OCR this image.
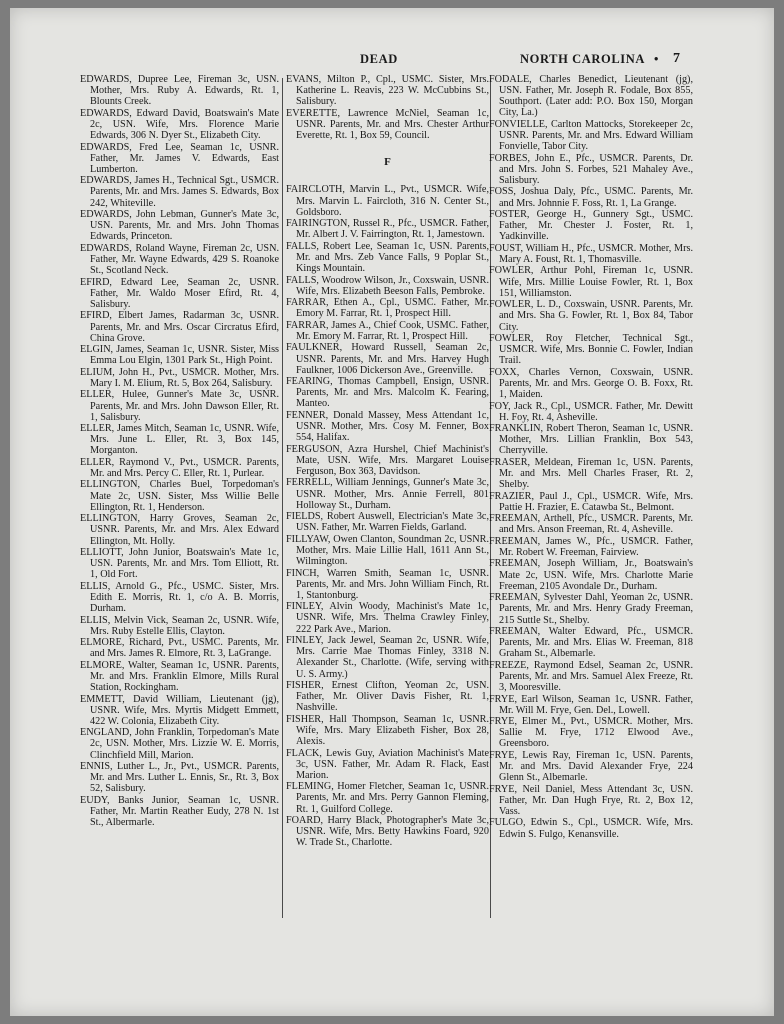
DEAD	NORTH CAROLINA • 7
EDWARDS, Dupree Lee, Fireman 3c, USN. Mother, Mrs. Ruby A. Edwards, Rt. 1, Blounts Creek.
EDWARDS, Edward David, Boatswain's Mate 2c, USN. Wife, Mrs. Florence Marie Edwards, 306 N. Dyer St., Elizabeth City.
EDWARDS, Fred Lee, Seaman 1c, USNR. Father, Mr. James V. Edwards, East Lumberton.
EDWARDS, James H., Technical Sgt., USMCR. Parents, Mr. and Mrs. James S. Edwards, Box 242, Whiteville.
EDWARDS, John Lebman, Gunner's Mate 3c, USN. Parents, Mr. and Mrs. John Thomas Edwards, Princeton.
EDWARDS, Roland Wayne, Fireman 2c, USN. Father, Mr. Wayne Edwards, 429 S. Roanoke St., Scotland Neck.
EFIRD, Edward Lee, Seaman 2c, USNR. Father, Mr. Waldo Moser Efird, Rt. 4, Salisbury.
EFIRD, Elbert James, Radarman 3c, USNR. Parents, Mr. and Mrs. Oscar Circratus Efird, China Grove.
ELGIN, James, Seaman 1c, USNR. Sister, Miss Emma Lou Elgin, 1301 Park St., High Point.
ELIUM, John H., Pvt., USMCR. Mother, Mrs. Mary I. M. Elium, Rt. 5, Box 264, Salisbury.
ELLER, Hulee, Gunner's Mate 3c, USNR. Parents, Mr. and Mrs. John Dawson Eller, Rt. 1, Salisbury.
ELLER, James Mitch, Seaman 1c, USNR. Wife, Mrs. June L. Eller, Rt. 3, Box 145, Morganton.
ELLER, Raymond V., Pvt., USMCR. Parents, Mr. and Mrs. Percy C. Eller, Rt. 1, Purlear.
ELLINGTON, Charles Buel, Torpedoman's Mate 2c, USN. Sister, Mss Willie Belle Ellington, Rt. 1, Henderson.
ELLINGTON, Harry Groves, Seaman 2c, USNR. Parents, Mr. and Mrs. Alex Edward Ellington, Mt. Holly.
ELLIOTT, John Junior, Boatswain's Mate 1c, USN. Parents, Mr. and Mrs. Tom Elliott, Rt. 1, Old Fort.
ELLIS, Arnold G., Pfc., USMC. Sister, Mrs. Edith E. Morris, Rt. 1, c/o A. B. Morris, Durham.
ELLIS, Melvin Vick, Seaman 2c, USNR. Wife, Mrs. Ruby Estelle Ellis, Clayton.
ELMORE, Richard, Pvt., USMC. Parents, Mr. and Mrs. James R. Elmore, Rt. 3, LaGrange.
ELMORE, Walter, Seaman 1c, USNR. Parents, Mr. and Mrs. Franklin Elmore, Mills Rural Station, Rockingham.
EMMETT, David William, Lieutenant (jg), USNR. Wife, Mrs. Myrtis Midgett Emmett, 422 W. Colonia, Elizabeth City.
ENGLAND, John Franklin, Torpedoman's Mate 2c, USN. Mother, Mrs. Lizzie W. E. Morris, Clinchfield Mill, Marion.
ENNIS, Luther L., Jr., Pvt., USMCR. Parents, Mr. and Mrs. Luther L. Ennis, Sr., Rt. 3, Box 52, Salisbury.
EUDY, Banks Junior, Seaman 1c, USNR. Father, Mr. Martin Reather Eudy, 278 N. 1st St., Albermarle.
EVANS, Milton P., Cpl., USMC. Sister, Mrs. Katherine L. Reavis, 223 W. McCubbins St., Salisbury.
EVERETTE, Lawrence McNiel, Seaman 1c, USNR. Parents, Mr. and Mrs. Chester Arthur Everette, Rt. 1, Box 59, Council.
F
FAIRCLOTH, Marvin L., Pvt., USMCR. Wife, Mrs. Marvin L. Faircloth, 316 N. Center St., Goldsboro.
FAIRINGTON, Russel R., Pfc., USMCR. Father, Mr. Albert J. V. Fairrington, Rt. 1, Jamestown.
FALLS, Robert Lee, Seaman 1c, USN. Parents, Mr. and Mrs. Zeb Vance Falls, 9 Poplar St., Kings Mountain.
FALLS, Woodrow Wilson, Jr., Coxswain, USNR. Wife, Mrs. Elizabeth Beeson Falls, Pembroke.
FARRAR, Ethen A., Cpl., USMC. Father, Mr. Emory M. Farrar, Rt. 1, Prospect Hill.
FARRAR, James A., Chief Cook, USMC. Father, Mr. Emory M. Farrar, Rt. 1, Prospect Hill.
FAULKNER, Howard Russell, Seaman 2c, USNR. Parents, Mr. and Mrs. Harvey Hugh Faulkner, 1006 Dickerson Ave., Greenville.
FEARING, Thomas Campbell, Ensign, USNR. Parents, Mr. and Mrs. Malcolm K. Fearing, Manteo.
FENNER, Donald Massey, Mess Attendant 1c, USNR. Mother, Mrs. Cosy M. Fenner, Box 554, Halifax.
FERGUSON, Azra Hurshel, Chief Machinist's Mate, USN. Wife, Mrs. Margaret Louise Ferguson, Box 363, Davidson.
FERRELL, William Jennings, Gunner's Mate 3c, USNR. Mother, Mrs. Annie Ferrell, 801 Holloway St., Durham.
FIELDS, Robert Auswell, Electrician's Mate 3c, USN. Father, Mr. Warren Fields, Garland.
FILLYAW, Owen Clanton, Soundman 2c, USNR. Mother, Mrs. Maie Lillie Hall, 1611 Ann St., Wilmington.
FINCH, Warren Smith, Seaman 1c, USNR. Parents, Mr. and Mrs. John William Finch, Rt. 1, Stantonburg.
FINLEY, Alvin Woody, Machinist's Mate 1c, USNR. Wife, Mrs. Thelma Crawley Finley, 222 Park Ave., Marion.
FINLEY, Jack Jewel, Seaman 2c, USNR. Wife, Mrs. Carrie Mae Thomas Finley, 3318 N. Alexander St., Charlotte. (Wife, serving with U. S. Army.)
FISHER, Ernest Clifton, Yeoman 2c, USN. Father, Mr. Oliver Davis Fisher, Rt. 1, Nashville.
FISHER, Hall Thompson, Seaman 1c, USNR. Wife, Mrs. Mary Elizabeth Fisher, Box 28, Alexis.
FLACK, Lewis Guy, Aviation Machinist's Mate 3c, USN. Father, Mr. Adam R. Flack, East Marion.
FLEMING, Homer Fletcher, Seaman 1c, USNR. Parents, Mr. and Mrs. Perry Gannon Fleming, Rt. 1, Guilford College.
FOARD, Harry Black, Photographer's Mate 3c, USNR. Wife, Mrs. Betty Hawkins Foard, 920 W. Trade St., Charlotte.
FODALE, Charles Benedict, Lieutenant (jg), USN. Father, Mr. Joseph R. Fodale, Box 855, Southport. (Later add: P.O. Box 150, Morgan City, La.)
FONVIELLE, Carlton Mattocks, Storekeeper 2c, USNR. Parents, Mr. and Mrs. Edward William Fonvielle, Tabor City.
FORBES, John E., Pfc., USMCR. Parents, Dr. and Mrs. John S. Forbes, 521 Mahaley Ave., Salisbury.
FOSS, Joshua Daly, Pfc., USMC. Parents, Mr. and Mrs. Johnnie F. Foss, Rt. 1, La Grange.
FOSTER, George H., Gunnery Sgt., USMC. Father, Mr. Chester J. Foster, Rt. 1, Yadkinville.
FOUST, William H., Pfc., USMCR. Mother, Mrs. Mary A. Foust, Rt. 1, Thomasville.
FOWLER, Arthur Pohl, Fireman 1c, USNR. Wife, Mrs. Millie Louise Fowler, Rt. 1, Box 151, Williamston.
FOWLER, L. D., Coxswain, USNR. Parents, Mr. and Mrs. Sha G. Fowler, Rt. 1, Box 84, Tabor City.
FOWLER, Roy Fletcher, Technical Sgt., USMCR. Wife, Mrs. Bonnie C. Fowler, Indian Trail.
FOXX, Charles Vernon, Coxswain, USNR. Parents, Mr. and Mrs. George O. B. Foxx, Rt. 1, Maiden.
FOY, Jack R., Cpl., USMCR. Father, Mr. Dewitt H. Foy, Rt. 4, Asheville.
FRANKLIN, Robert Theron, Seaman 1c, USNR. Mother, Mrs. Lillian Franklin, Box 543, Cherryville.
FRASER, Meldean, Fireman 1c, USN. Parents, Mr. and Mrs. Mell Charles Fraser, Rt. 2, Shelby.
FRAZIER, Paul J., Cpl., USMCR. Wife, Mrs. Pattie H. Frazier, E. Catawba St., Belmont.
FREEMAN, Arthell, Pfc., USMCR. Parents, Mr. and Mrs. Anson Freeman, Rt. 4, Asheville.
FREEMAN, James W., Pfc., USMCR. Father, Mr. Robert W. Freeman, Fairview.
FREEMAN, Joseph William, Jr., Boatswain's Mate 2c, USN. Wife, Mrs. Charlotte Marie Freeman, 2105 Avondale Dr., Durham.
FREEMAN, Sylvester Dahl, Yeoman 2c, USNR. Parents, Mr. and Mrs. Henry Grady Freeman, 215 Suttle St., Shelby.
FREEMAN, Walter Edward, Pfc., USMCR. Parents, Mr. and Mrs. Elias W. Freeman, 818 Graham St., Albemarle.
FREEZE, Raymond Edsel, Seaman 2c, USNR. Parents, Mr. and Mrs. Samuel Alex Freeze, Rt. 3, Mooresville.
FRYE, Earl Wilson, Seaman 1c, USNR. Father, Mr. Will M. Frye, Gen. Del., Lowell.
FRYE, Elmer M., Pvt., USMCR. Mother, Mrs. Sallie M. Frye, 1712 Elwood Ave., Greensboro.
FRYE, Lewis Ray, Fireman 1c, USN. Parents, Mr. and Mrs. David Alexander Frye, 224 Glenn St., Albemarle.
FRYE, Neil Daniel, Mess Attendant 3c, USN. Father, Mr. Dan Hugh Frye, Rt. 2, Box 12, Vass.
FULGO, Edwin S., Cpl., USMCR. Wife, Mrs. Edwin S. Fulgo, Kenansville.
